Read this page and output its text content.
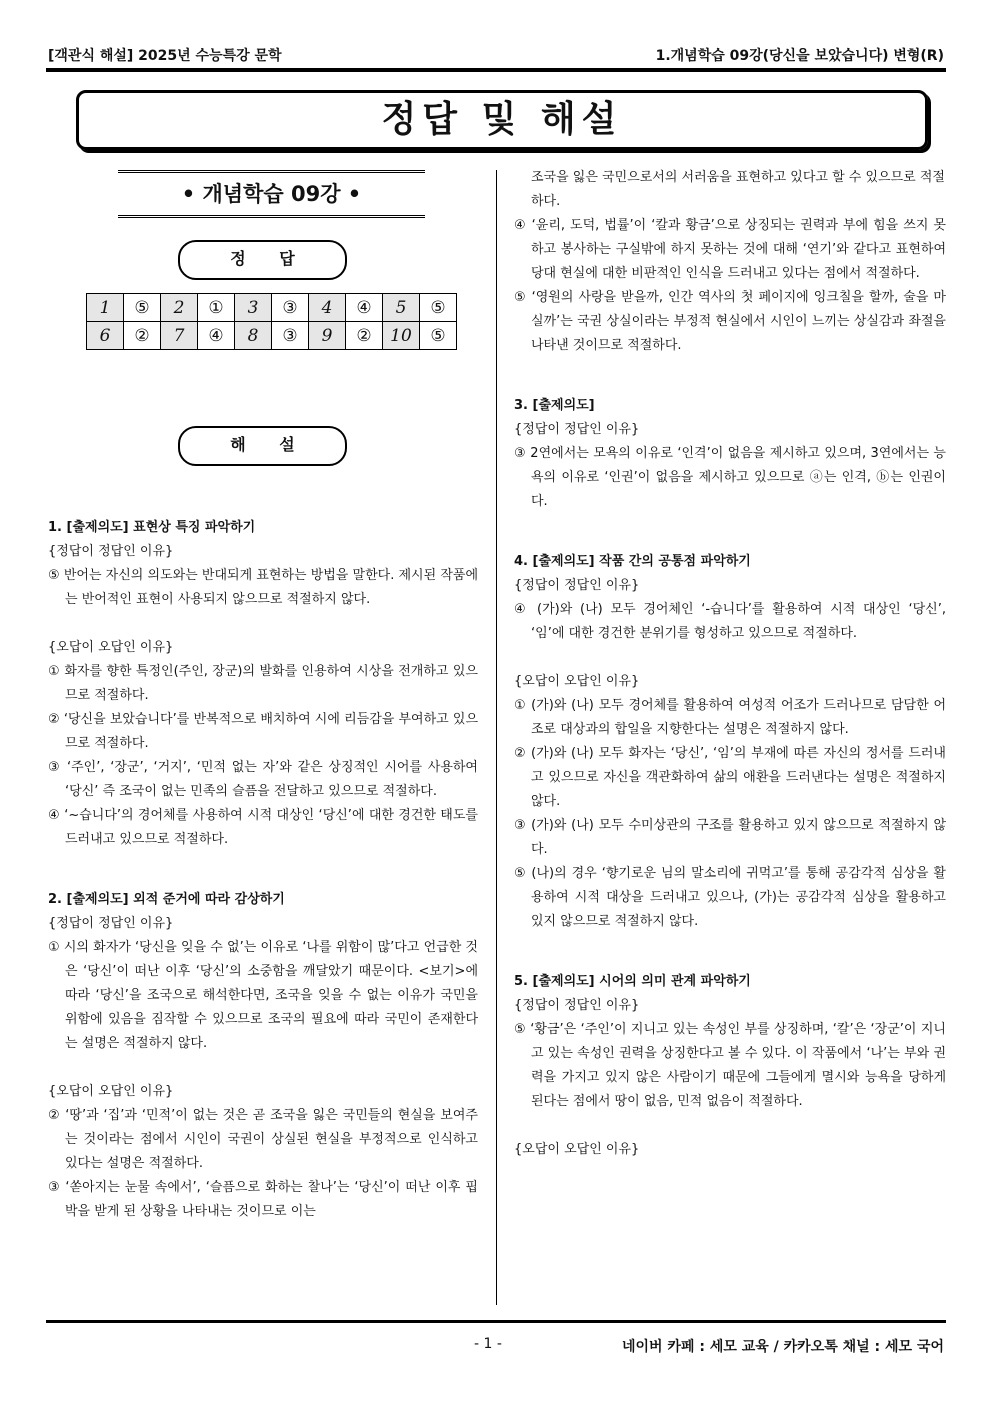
[객관식 해설] 2025년 수능특강 문학	1.개념학습 09강(당신을 보았습니다) 변형(R)
정답 및 해설
• 개념학습 09강 •
정 답
1	⑤	2	①	3	③	4	④	5	⑤
6	②	7	④	8	③	9	②	10	⑤
해 설

1. [출제의도] 표현상 특징 파악하기

{정답이 정답인 이유}

⑤ 반어는 자신의 의도와는 반대되게 표현하는 방법을 말한다. 제시된 작품에는 반어적인 표현이 사용되지 않으므로 적절하지 않다.

{오답이 오답인 이유}

① 화자를 향한 특정인(주인, 장군)의 발화를 인용하여 시상을 전개하고 있으므로 적절하다.

② ‘당신을 보았습니다’를 반복적으로 배치하여 시에 리듬감을 부여하고 있으므로 적절하다.

③ ‘주인’, ‘장군’, ‘거지’, ‘민적 없는 자’와 같은 상징적인 시어를 사용하여 ‘당신’ 즉 조국이 없는 민족의 슬픔을 전달하고 있으므로 적절하다.

④ ‘~습니다’의 경어체를 사용하여 시적 대상인 ‘당신’에 대한 경건한 태도를 드러내고 있으므로 적절하다.

2. [출제의도] 외적 준거에 따라 감상하기

{정답이 정답인 이유}

① 시의 화자가 ‘당신을 잊을 수 없’는 이유로 ‘나를 위함이 많’다고 언급한 것은 ‘당신’이 떠난 이후 ‘당신’의 소중함을 깨달았기 때문이다. <보기>에 따라 ‘당신’을 조국으로 해석한다면, 조국을 잊을 수 없는 이유가 국민을 위함에 있음을 짐작할 수 있으므로 조국의 필요에 따라 국민이 존재한다는 설명은 적절하지 않다.

{오답이 오답인 이유}

② ‘땅’과 ‘집’과 ‘민적’이 없는 것은 곧 조국을 잃은 국민들의 현실을 보여주는 것이라는 점에서 시인이 국권이 상실된 현실을 부정적으로 인식하고 있다는 설명은 적절하다.

③ ‘쏟아지는 눈물 속에서’, ‘슬픔으로 화하는 찰나’는 ‘당신’이 떠난 이후 핍박을 받게 된 상황을 나타내는 것이므로 이는

조국을 잃은 국민으로서의 서러움을 표현하고 있다고 할 수 있으므로 적절하다.

④ ‘윤리, 도덕, 법률’이 ‘칼과 황금’으로 상징되는 권력과 부에 힘을 쓰지 못하고 봉사하는 구실밖에 하지 못하는 것에 대해 ‘연기’와 같다고 표현하여 당대 현실에 대한 비판적인 인식을 드러내고 있다는 점에서 적절하다.

⑤ ‘영원의 사랑을 받을까, 인간 역사의 첫 페이지에 잉크칠을 할까, 술을 마실까’는 국권 상실이라는 부정적 현실에서 시인이 느끼는 상실감과 좌절을 나타낸 것이므로 적절하다.

3. [출제의도]

{정답이 정답인 이유}

③ 2연에서는 모욕의 이유로 ‘인격’이 없음을 제시하고 있으며, 3연에서는 능욕의 이유로 ‘인권’이 없음을 제시하고 있으므로 ⓐ는 인격, ⓑ는 인권이다.

4. [출제의도] 작품 간의 공통점 파악하기

{정답이 정답인 이유}

④ (가)와 (나) 모두 경어체인 ‘-습니다’를 활용하여 시적 대상인 ‘당신’, ‘임’에 대한 경건한 분위기를 형성하고 있으므로 적절하다.

{오답이 오답인 이유}

① (가)와 (나) 모두 경어체를 활용하여 여성적 어조가 드러나므로 담담한 어조로 대상과의 합일을 지향한다는 설명은 적절하지 않다.

② (가)와 (나) 모두 화자는 ‘당신’, ‘임’의 부재에 따른 자신의 정서를 드러내고 있으므로 자신을 객관화하여 삶의 애환을 드러낸다는 설명은 적절하지 않다.

③ (가)와 (나) 모두 수미상관의 구조를 활용하고 있지 않으므로 적절하지 않다.

⑤ (나)의 경우 ‘향기로운 님의 말소리에 귀먹고’를 통해 공감각적 심상을 활용하여 시적 대상을 드러내고 있으나, (가)는 공감각적 심상을 활용하고 있지 않으므로 적절하지 않다.

5. [출제의도] 시어의 의미 관계 파악하기

{정답이 정답인 이유}

⑤ ‘황금’은 ‘주인’이 지니고 있는 속성인 부를 상징하며, ‘칼’은 ‘장군’이 지니고 있는 속성인 권력을 상징한다고 볼 수 있다. 이 작품에서 ‘나’는 부와 권력을 가지고 있지 않은 사람이기 때문에 그들에게 멸시와 능욕을 당하게 된다는 점에서 땅이 없음, 민적 없음이 적절하다.

{오답이 오답인 이유}

- 1 -	네이버 카페 : 세모 교육 / 카카오톡 채널 : 세모 국어
